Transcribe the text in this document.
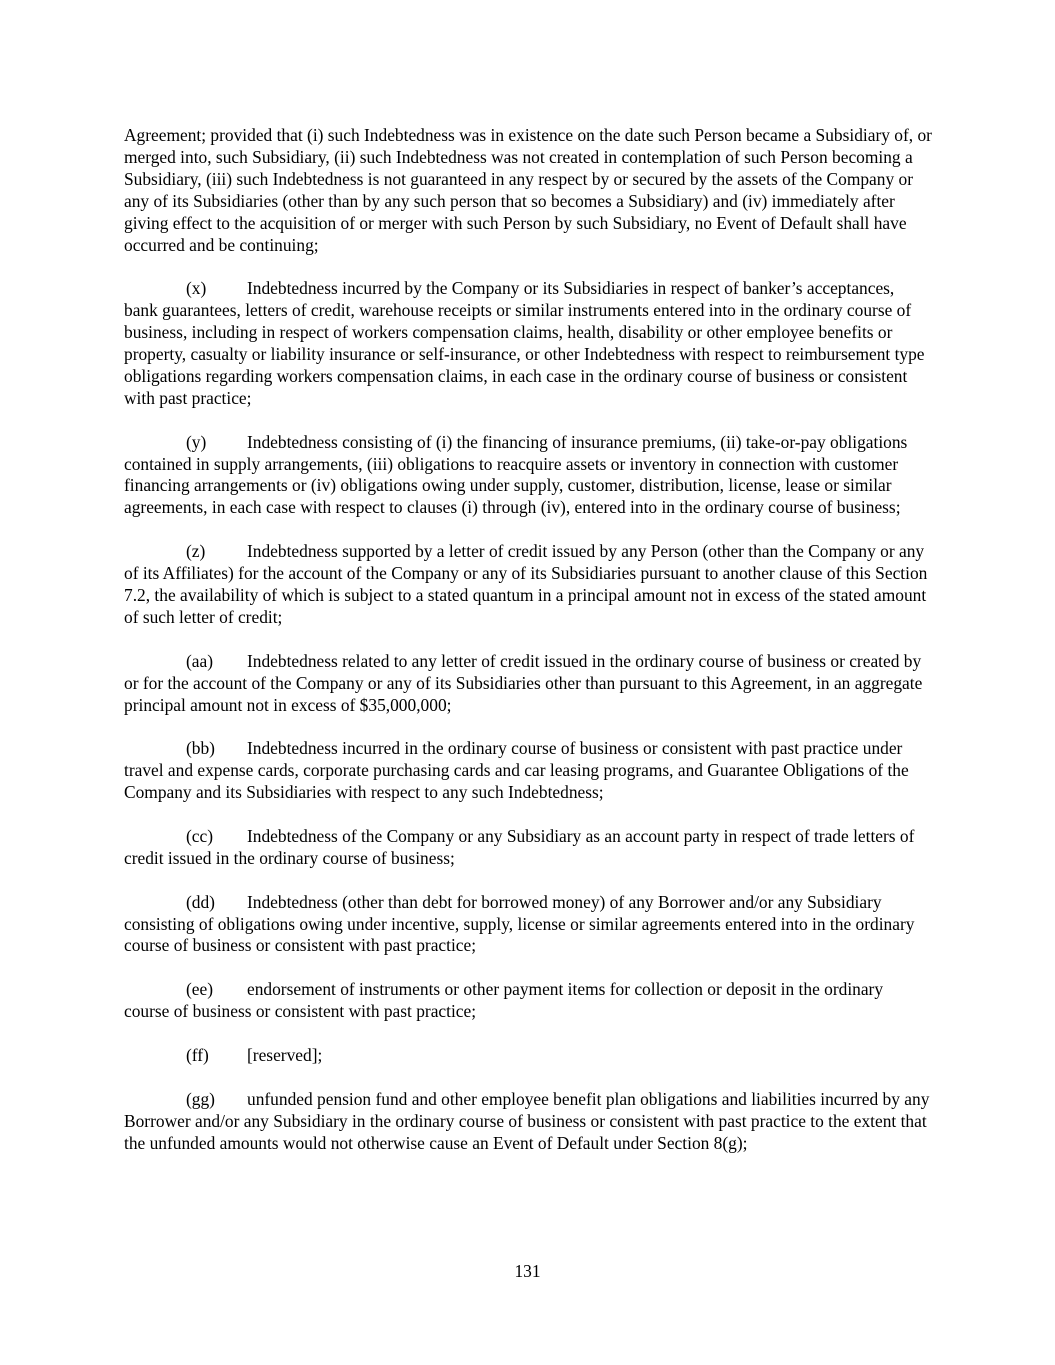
Agreement; provided that (i) such Indebtedness was in existence on the date such Person became a Subsidiary of, or merged into, such Subsidiary, (ii) such Indebtedness was not created in contemplation of such Person becoming a Subsidiary, (iii) such Indebtedness is not guaranteed in any respect by or secured by the assets of the Company or any of its Subsidiaries (other than by any such person that so becomes a Subsidiary) and (iv) immediately after giving effect to the acquisition of or merger with such Person by such Subsidiary, no Event of Default shall have occurred and be continuing;

(x) Indebtedness incurred by the Company or its Subsidiaries in respect of banker’s acceptances, bank guarantees, letters of credit, warehouse receipts or similar instruments entered into in the ordinary course of business, including in respect of workers compensation claims, health, disability or other employee benefits or property, casualty or liability insurance or self-insurance, or other Indebtedness with respect to reimbursement type obligations regarding workers compensation claims, in each case in the ordinary course of business or consistent with past practice;

(y) Indebtedness consisting of (i) the financing of insurance premiums, (ii) take-or-pay obligations contained in supply arrangements, (iii) obligations to reacquire assets or inventory in connection with customer financing arrangements or (iv) obligations owing under supply, customer, distribution, license, lease or similar agreements, in each case with respect to clauses (i) through (iv), entered into in the ordinary course of business;

(z) Indebtedness supported by a letter of credit issued by any Person (other than the Company or any of its Affiliates) for the account of the Company or any of its Subsidiaries pursuant to another clause of this Section 7.2, the availability of which is subject to a stated quantum in a principal amount not in excess of the stated amount of such letter of credit;

(aa) Indebtedness related to any letter of credit issued in the ordinary course of business or created by or for the account of the Company or any of its Subsidiaries other than pursuant to this Agreement, in an aggregate principal amount not in excess of $35,000,000;

(bb) Indebtedness incurred in the ordinary course of business or consistent with past practice under travel and expense cards, corporate purchasing cards and car leasing programs, and Guarantee Obligations of the Company and its Subsidiaries with respect to any such Indebtedness;

(cc) Indebtedness of the Company or any Subsidiary as an account party in respect of trade letters of credit issued in the ordinary course of business;

(dd) Indebtedness (other than debt for borrowed money) of any Borrower and/or any Subsidiary consisting of obligations owing under incentive, supply, license or similar agreements entered into in the ordinary course of business or consistent with past practice;

(ee) endorsement of instruments or other payment items for collection or deposit in the ordinary course of business or consistent with past practice;

(ff) [reserved];

(gg) unfunded pension fund and other employee benefit plan obligations and liabilities incurred by any Borrower and/or any Subsidiary in the ordinary course of business or consistent with past practice to the extent that the unfunded amounts would not otherwise cause an Event of Default under Section 8(g);

131
